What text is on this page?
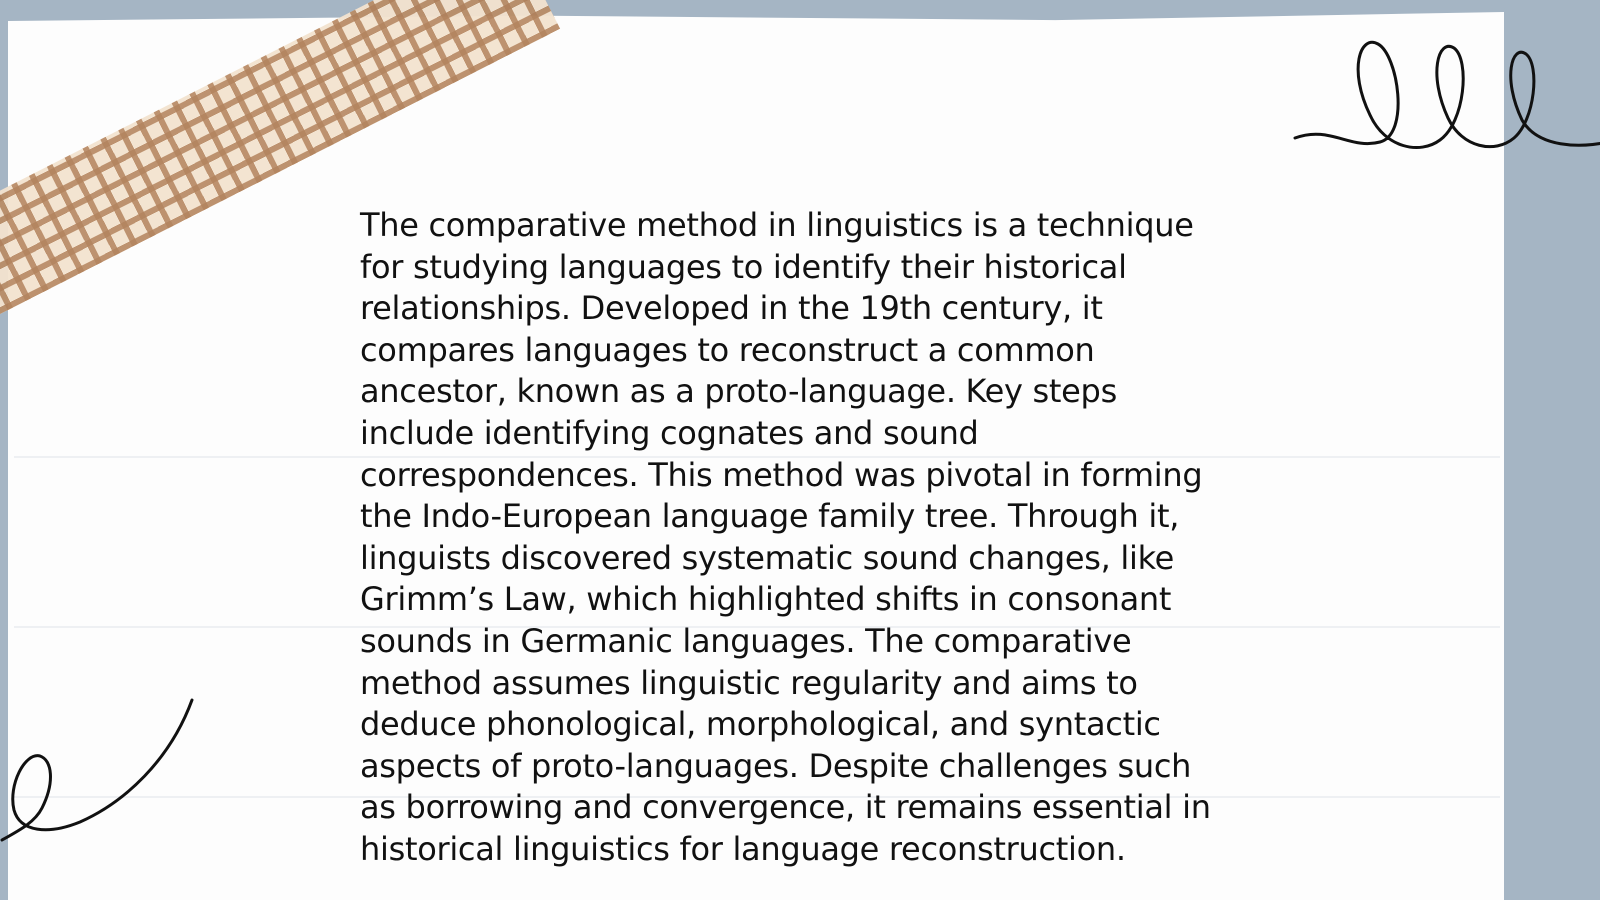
The comparative method in linguistics is a technique
for studying languages to identify their historical
relationships. Developed in the 19th century, it
compares languages to reconstruct a common
ancestor, known as a proto-language. Key steps
include identifying cognates and sound
correspondences. This method was pivotal in forming
the Indo-European language family tree. Through it,
linguists discovered systematic sound changes, like
Grimm’s Law, which highlighted shifts in consonant
sounds in Germanic languages. The comparative
method assumes linguistic regularity and aims to
deduce phonological, morphological, and syntactic
aspects of proto-languages. Despite challenges such
as borrowing and convergence, it remains essential in
historical linguistics for language reconstruction.
